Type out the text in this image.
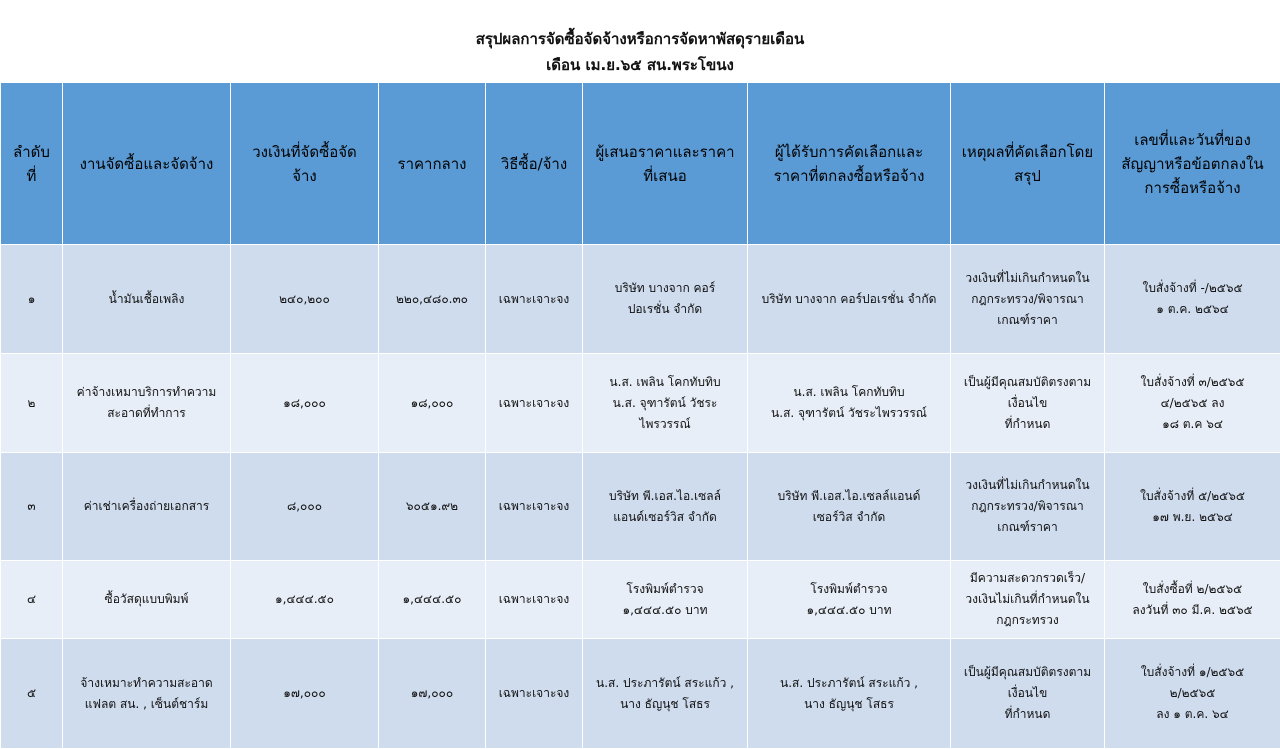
สรุปผลการจัดซื้อจัดจ้างหรือการจัดหาพัสดุรายเดือน
เดือน เม.ย.๖๕ สน.พระโขนง
ลำดับ
ที่	งานจัดซื้อและจัดจ้าง	วงเงินที่จัดซื้อจัด
จ้าง	ราคากลาง	วิธีซื้อ/จ้าง	ผู้เสนอราคาและราคา
ที่เสนอ	ผู้ได้รับการคัดเลือกและ
ราคาที่ตกลงซื้อหรือจ้าง	เหตุผลที่คัดเลือกโดย
สรุป	เลขที่และวันที่ของ
สัญญาหรือข้อตกลงใน
การซื้อหรือจ้าง
๑	น้ำมันเชื้อเพลิง	๒๔๐,๒๐๐	๒๒๐,๔๘๐.๓๐	เฉพาะเจาะจง	บริษัท บางจาก คอร์
ปอเรชั่น จำกัด	บริษัท บางจาก คอร์ปอเรชั่น จำกัด	วงเงินที่ไม่เกินกำหนดใน
กฎกระทรวง/พิจารณา
เกณฑ์ราคา	ใบสั่งจ้างที่ -/๒๕๖๕
๑ ต.ค. ๒๕๖๔
๒	ค่าจ้างเหมาบริการทำความ
สะอาดที่ทำการ	๑๘,๐๐๐	๑๘,๐๐๐	เฉพาะเจาะจง	น.ส. เพลิน โคกทับทิบ
น.ส. จุฑารัตน์ วัชระ
ไพรวรรณ์	น.ส. เพลิน โคกทับทิบ
น.ส. จุฑารัตน์ วัชระไพรวรรณ์	เป็นผู้มีคุณสมบัติตรงตาม
เงื่อนไข
ที่กำหนด	ใบสั่งจ้างที่ ๓/๒๕๖๕
๔/๒๕๖๕ ลง
๑๘ ต.ค ๖๔
๓	ค่าเช่าเครื่องถ่ายเอกสาร	๘,๐๐๐	๖๐๕๑.๙๒	เฉพาะเจาะจง	บริษัท พี.เอส.ไอ.เซลล์
แอนด์เซอร์วิส จำกัด	บริษัท พี.เอส.ไอ.เซลล์แอนด์
เซอร์วิส จำกัด	วงเงินที่ไม่เกินกำหนดใน
กฎกระทรวง/พิจารณา
เกณฑ์ราคา	ใบสั่งจ้างที่ ๕/๒๕๖๕
๑๗ พ.ย. ๒๕๖๔
๔	ซื้อวัสดุแบบพิมพ์	๑,๔๔๔.๕๐	๑,๔๔๔.๕๐	เฉพาะเจาะจง	โรงพิมพ์ตำรวจ
๑,๔๔๔.๕๐ บาท	โรงพิมพ์ตำรวจ
๑,๔๔๔.๕๐ บาท	มีความสะดวกรวดเร็ว/
วงเงินไม่เกินที่กำหนดใน
กฎกระทรวง	ใบสั่งซื้อที่ ๒/๒๕๖๕
ลงวันที่ ๓๐ มี.ค. ๒๕๖๕
๕	จ้างเหมาะทำความสะอาด
แฟลต สน. , เซ็นต์ชาร์ม	๑๗,๐๐๐	๑๗,๐๐๐	เฉพาะเจาะจง	น.ส. ประภารัตน์ สระแก้ว ,
นาง ธัญนุช โสธร	น.ส. ประภารัตน์ สระแก้ว ,
นาง ธัญนุช โสธร	เป็นผู้มีคุณสมบัติตรงตาม
เงื่อนไข
ที่กำหนด	ใบสั่งจ้างที่ ๑/๒๕๖๕
๒/๒๕๖๕
ลง ๑ ต.ค. ๖๔
